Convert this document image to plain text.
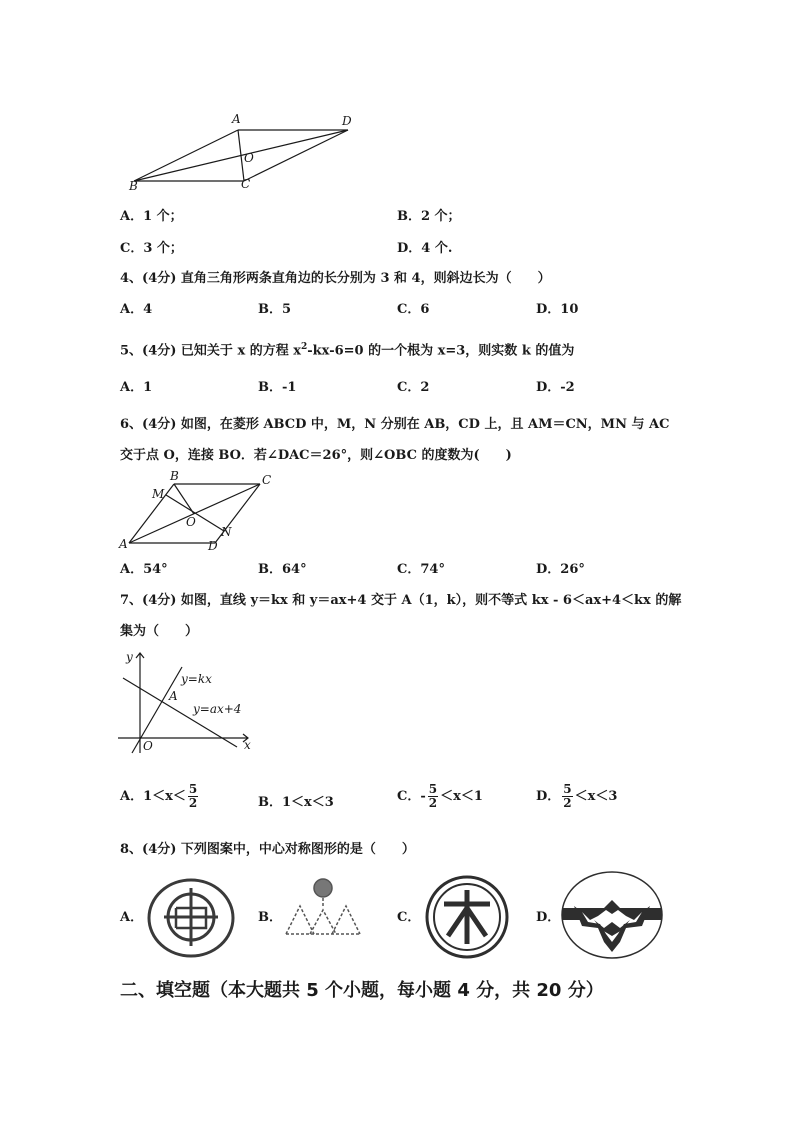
A	D
O
B	C
A．1 个；	B．2 个；
C．3 个；	D．4 个.
4、(4分) 直角三角形两条直角边的长分别为 3 和 4，则斜边长为（　　）
A．4	B．5	C．6	D．10
5、(4分) 已知关于 x 的方程 $x^2-kx-6=0$ 的一个根为 x=3，则实数 k 的值为
A．1	B．-1	C．2	D．-2
6、(4分) 如图，在菱形 ABCD 中，M，N 分别在 AB，CD 上，且 AM＝CN，MN 与 AC
交于点 O，连接 BO．若∠DAC＝26°，则∠OBC 的度数为(　　)
B	C
M
O
N
A	D
A．54°	B．64°	C．74°	D．26°
7、(4分) 如图，直线 y＝kx 和 y＝ax+4 交于 A（1，k），则不等式 kx - 6＜ax+4＜kx 的解
集为（　　）
y
x
O
A
y=kx
y=ax+4
A．$1<x< \frac{5}{2}$	B．1＜x＜3	C．- $\frac{5}{2} <x<1$	D． $\frac{5}{2} <x<3$
8、(4分) 下列图案中，中心对称图形的是（　　）
A．	B．	C．	D．
二、填空题（本大题共 5 个小题，每小题 4 分，共 20 分）
